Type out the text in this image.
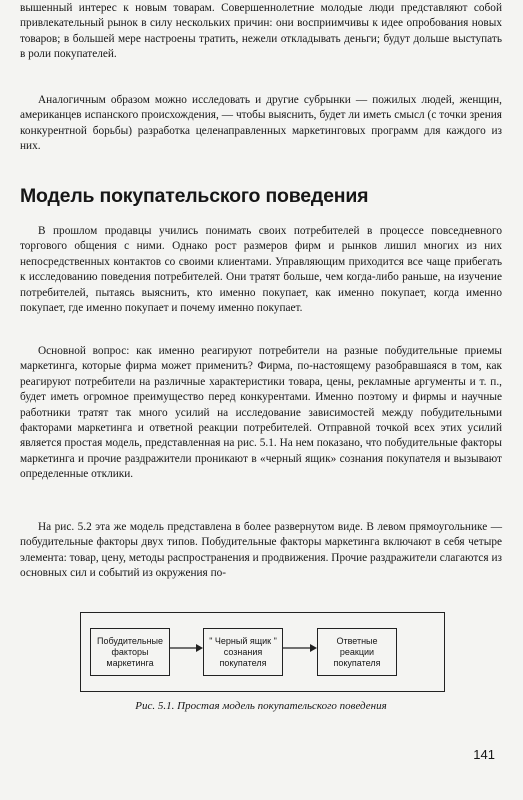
вышенный интерес к новым товарам. Совершеннолетние молодые люди представляют собой привлекательный рынок в силу нескольких причин: они восприимчивы к идее опробования новых товаров; в большей мере настроены тратить, нежели откладывать деньги; будут дольше выступать в роли покупателей.

Аналогичным образом можно исследовать и другие субрынки — пожилых людей, женщин, американцев испанского происхождения, — чтобы выяснить, будет ли иметь смысл (с точки зрения конкурентной борьбы) разработка целенаправленных маркетинговых программ для каждого из них.

Модель покупательского поведения

В прошлом продавцы учились понимать своих потребителей в процессе повседневного торгового общения с ними. Однако рост размеров фирм и рынков лишил многих из них непосредственных контактов со своими клиентами. Управляющим приходится все чаще прибегать к исследованию поведения потребителей. Они тратят больше, чем когда-либо раньше, на изучение потребителей, пытаясь выяснить, кто именно покупает, как именно покупает, когда именно покупает, где именно покупает и почему именно покупает.

Основной вопрос: как именно реагируют потребители на разные побудительные приемы маркетинга, которые фирма может применить? Фирма, по-настоящему разобравшаяся в том, как реагируют потребители на различные характеристики товара, цены, рекламные аргументы и т. п., будет иметь огромное преимущество перед конкурентами. Именно поэтому и фирмы и научные работники тратят так много усилий на исследование зависимостей между побудительными факторами маркетинга и ответной реакции потребителей. Отправной точкой всех этих усилий является простая модель, представленная на рис. 5.1. На нем показано, что побудительные факторы маркетинга и прочие раздражители проникают в «черный ящик» сознания покупателя и вызывают определенные отклики.

На рис. 5.2 эта же модель представлена в более развернутом виде. В левом прямоугольнике — побудительные факторы двух типов. Побудительные факторы маркетинга включают в себя четыре элемента: товар, цену, методы распространения и продвижения. Прочие раздражители слагаются из основных сил и событий из окружения по-

Побудительные
факторы
маркетинга
" Черный ящик "
сознания
покупателя
Ответные
реакции
покупателя

Рис. 5.1. Простая модель покупательского поведения

141
